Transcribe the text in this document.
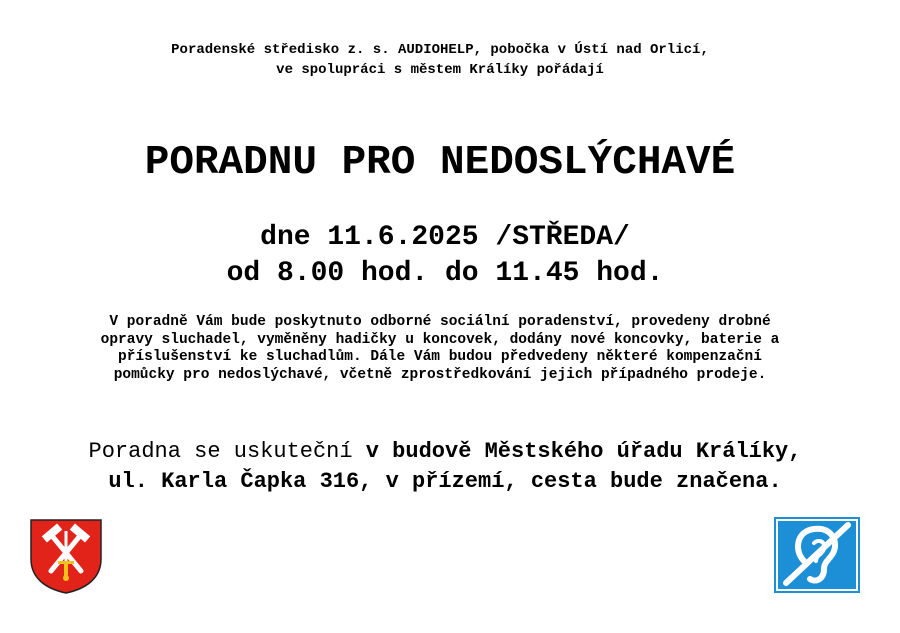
Poradenské středisko z. s. AUDIOHELP, pobočka v Ústí nad Orlicí,
ve spolupráci s městem Králíky pořádají
PORADNU PRO NEDOSLÝCHAVÉ
dne 11.6.2025 /STŘEDA/
od 8.00 hod. do 11.45 hod.
V poradně Vám bude poskytnuto odborné sociální poradenství, provedeny drobné
opravy sluchadel, vyměněny hadičky u koncovek, dodány nové koncovky, baterie a
příslušenství ke sluchadlům. Dále Vám budou předvedeny některé kompenzační
pomůcky pro nedoslýchavé, včetně zprostředkování jejich případného prodeje.
Poradna se uskuteční v budově Městského úřadu Králíky,
ul. Karla Čapka 316, v přízemí, cesta bude značena.
